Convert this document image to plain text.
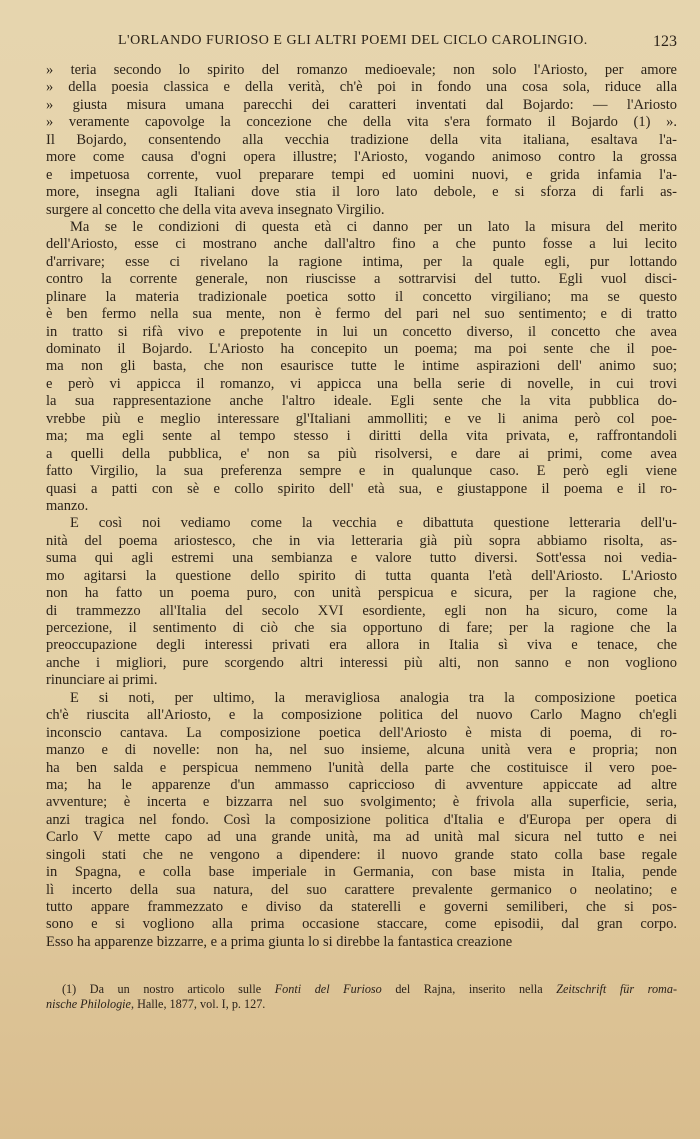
L'ORLANDO FURIOSO E GLI ALTRI POEMI DEL CICLO CAROLINGIO.	123
» teria secondo lo spirito del romanzo medioevale; non solo l'Ariosto, per amore
» della poesia classica e della verità, ch'è poi in fondo una cosa sola, riduce alla
» giusta misura umana parecchi dei caratteri inventati dal Bojardo: — l'Ariosto
» veramente capovolge la concezione che della vita s'era formato il Bojardo (1) ».
Il Bojardo, consentendo alla vecchia tradizione della vita italiana, esaltava l'a-
more come causa d'ogni opera illustre; l'Ariosto, vogando animoso contro la grossa
e impetuosa corrente, vuol preparare tempi ed uomini nuovi, e grida infamia l'a-
more, insegna agli Italiani dove stia il loro lato debole, e si sforza di farli as-
surgere al concetto che della vita aveva insegnato Virgilio.
Ma se le condizioni di questa età ci danno per un lato la misura del merito
dell'Ariosto, esse ci mostrano anche dall'altro fino a che punto fosse a lui lecito
d'arrivare; esse ci rivelano la ragione intima, per la quale egli, pur lottando
contro la corrente generale, non riuscisse a sottrarvisi del tutto. Egli vuol disci-
plinare la materia tradizionale poetica sotto il concetto virgiliano; ma se questo
è ben fermo nella sua mente, non è fermo del pari nel suo sentimento; e di tratto
in tratto si rifà vivo e prepotente in lui un concetto diverso, il concetto che avea
dominato il Bojardo. L'Ariosto ha concepito un poema; ma poi sente che il poe-
ma non gli basta, che non esaurisce tutte le intime aspirazioni dell' animo suo;
e però vi appicca il romanzo, vi appicca una bella serie di novelle, in cui trovi
la sua rappresentazione anche l'altro ideale. Egli sente che la vita pubblica do-
vrebbe più e meglio interessare gl'Italiani ammolliti; e ve li anima però col poe-
ma; ma egli sente al tempo stesso i diritti della vita privata, e, raffrontandoli
a quelli della pubblica, e' non sa più risolversi, e dare ai primi, come avea
fatto Virgilio, la sua preferenza sempre e in qualunque caso. E però egli viene
quasi a patti con sè e collo spirito dell' età sua, e giustappone il poema e il ro-
manzo.
E così noi vediamo come la vecchia e dibattuta questione letteraria dell'u-
nità del poema ariostesco, che in via letteraria già più sopra abbiamo risolta, as-
suma qui agli estremi una sembianza e valore tutto diversi. Sott'essa noi vedia-
mo agitarsi la questione dello spirito di tutta quanta l'età dell'Ariosto. L'Ariosto
non ha fatto un poema puro, con unità perspicua e sicura, per la ragione che,
di trammezzo all'Italia del secolo XVI esordiente, egli non ha sicuro, come la
percezione, il sentimento di ciò che sia opportuno di fare; per la ragione che la
preoccupazione degli interessi privati era allora in Italia sì viva e tenace, che
anche i migliori, pure scorgendo altri interessi più alti, non sanno e non vogliono
rinunciare ai primi.
E si noti, per ultimo, la meravigliosa analogia tra la composizione poetica
ch'è riuscita all'Ariosto, e la composizione politica del nuovo Carlo Magno ch'egli
inconscio cantava. La composizione poetica dell'Ariosto è mista di poema, di ro-
manzo e di novelle: non ha, nel suo insieme, alcuna unità vera e propria; non
ha ben salda e perspicua nemmeno l'unità della parte che costituisce il vero poe-
ma; ha le apparenze d'un ammasso capriccioso di avventure appiccate ad altre
avventure; è incerta e bizzarra nel suo svolgimento; è frivola alla superficie, seria,
anzi tragica nel fondo. Così la composizione politica d'Italia e d'Europa per opera di
Carlo V mette capo ad una grande unità, ma ad unità mal sicura nel tutto e nei
singoli stati che ne vengono a dipendere: il nuovo grande stato colla base regale
in Spagna, e colla base imperiale in Germania, con base mista in Italia, pende
lì incerto della sua natura, del suo carattere prevalente germanico o neolatino; e
tutto appare frammezzato e diviso da staterelli e governi semiliberi, che si pos-
sono e si vogliono alla prima occasione staccare, come episodii, dal gran corpo.
Esso ha apparenze bizzarre, e a prima giunta lo si direbbe la fantastica creazione
(1) Da un nostro articolo sulle Fonti del Furioso del Rajna, inserito nella Zeitschrift für roma-
nische Philologie, Halle, 1877, vol. I, p. 127.
